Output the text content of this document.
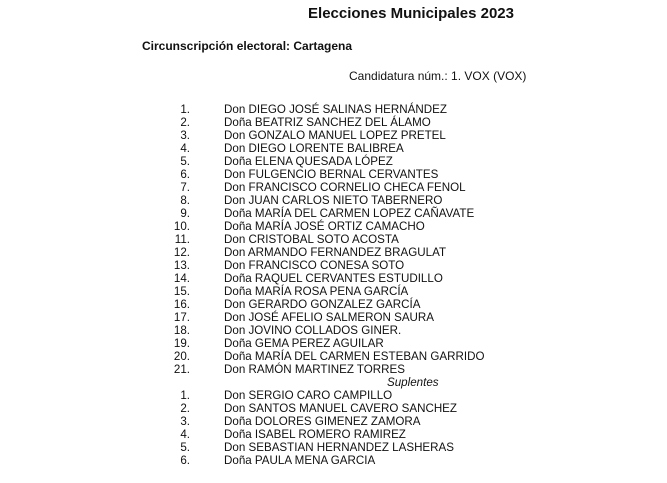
Elecciones Municipales 2023
Circunscripción electoral: Cartagena
Candidatura núm.: 1. VOX (VOX)
1.	Don DIEGO JOSÉ SALINAS HERNÁNDEZ
2.	Doña BEATRIZ SANCHEZ DEL ÁLAMO
3.	Don GONZALO MANUEL LOPEZ PRETEL
4.	Don DIEGO LORENTE BALIBREA
5.	Doña ELENA QUESADA LÓPEZ
6.	Don FULGENCIO BERNAL CERVANTES
7.	Don FRANCISCO CORNELIO CHECA FENOL
8.	Don JUAN CARLOS NIETO TABERNERO
9.	Doña MARÍA DEL CARMEN LOPEZ CAÑAVATE
10.	Doña MARÍA JOSÉ ORTIZ CAMACHO
11.	Don CRISTOBAL SOTO ACOSTA
12.	Don ARMANDO FERNANDEZ BRAGULAT
13.	Don FRANCISCO CONESA SOTO
14.	Doña RAQUEL CERVANTES ESTUDILLO
15.	Doña MARÍA ROSA PENA GARCÍA
16.	Don GERARDO GONZALEZ GARCÍA
17.	Don JOSÉ AFELIO SALMERON SAURA
18.	Don JOVINO COLLADOS GINER.
19.	Doña GEMA PEREZ AGUILAR
20.	Doña MARÍA DEL CARMEN ESTEBAN GARRIDO
21.	Don RAMÓN MARTINEZ TORRES
Suplentes
1.	Don SERGIO CARO CAMPILLO
2.	Don SANTOS MANUEL CAVERO SANCHEZ
3.	Doña DOLORES GIMENEZ ZAMORA
4.	Doña ISABEL ROMERO RAMIREZ
5.	Don SEBASTIAN HERNANDEZ LASHERAS
6.	Doña PAULA MENA GARCIA
